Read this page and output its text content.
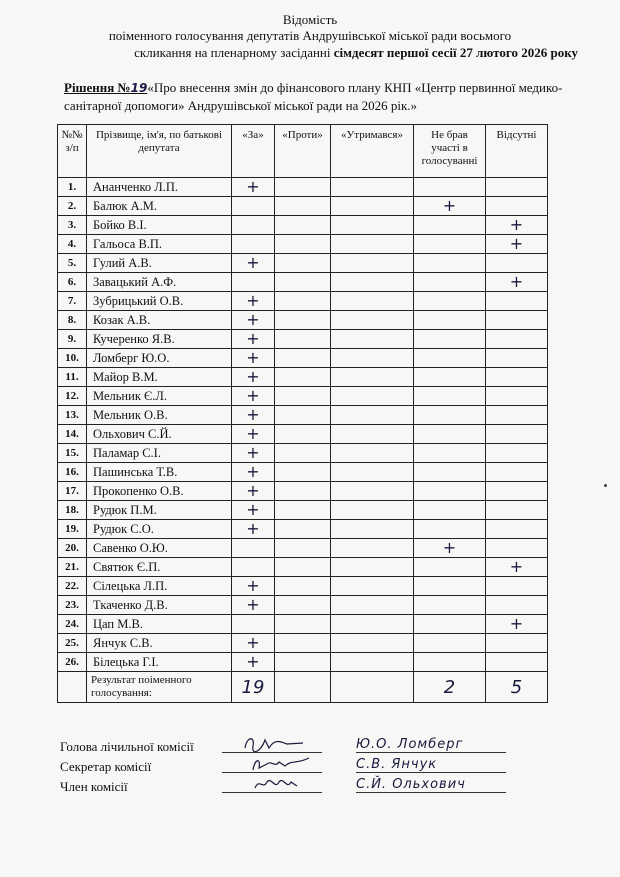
Відомість
поіменного голосування депутатів Андрушівської міської ради восьмого
скликання на пленарному засіданні сімдесят першої сесії 27 лютого 2026 року
Рішення №19«Про внесення змін до фінансового плану КНП «Центр первинної медико-санітарної допомоги» Андрушівської міської ради на 2026 рік.»
№№ з/п	Прізвище, ім'я, по батькові депутата	«За»	«Проти»	«Утримався»	Не брав участі в голосуванні	Відсутні
1.	Ананченко Л.П.	+				
2.	Балюк А.М.				+	
3.	Бойко В.І.					+
4.	Гальоса В.П.					+
5.	Гулий А.В.	+				
6.	Завацький А.Ф.					+
7.	Зубрицький О.В.	+				
8.	Козак А.В.	+				
9.	Кучеренко Я.В.	+				
10.	Ломберг Ю.О.	+				
11.	Майор В.М.	+				
12.	Мельник Є.Л.	+				
13.	Мельник О.В.	+				
14.	Ольхович С.Й.	+				
15.	Паламар С.І.	+				
16.	Пашинська Т.В.	+				
17.	Прокопенко О.В.	+				
18.	Рудюк П.М.	+				
19.	Рудюк С.О.	+				
20.	Савенко О.Ю.				+	
21.	Святюк Є.П.					+
22.	Сілецька Л.П.	+				
23.	Ткаченко Д.В.	+				
24.	Цап М.В.					+
25.	Янчук С.В.	+				
26.	Білецька Г.І.	+				
	Результат поіменного голосування:	19			2	5
Голова лічильної комісії	Ю.О. Ломберг
Секретар комісії	С.В. Янчук
Член комісії	С.Й. Ольхович
